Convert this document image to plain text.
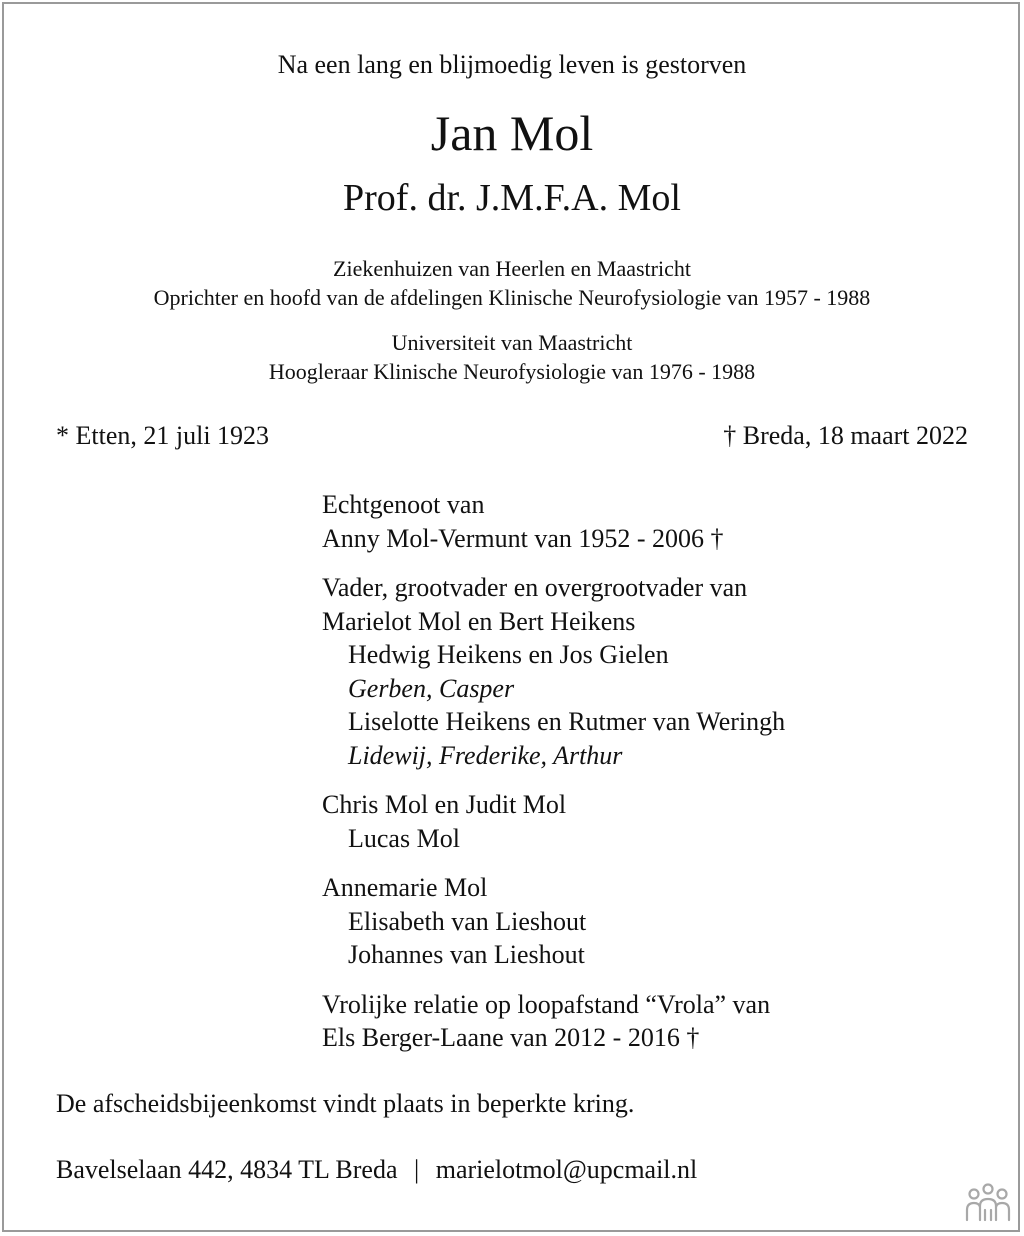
Na een lang en blijmoedig leven is gestorven
Jan Mol
Prof. dr. J.M.F.A. Mol
Ziekenhuizen van Heerlen en Maastricht
Oprichter en hoofd van de afdelingen Klinische Neurofysiologie van 1957 - 1988
Universiteit van Maastricht
Hoogleraar Klinische Neurofysiologie van 1976 - 1988
* Etten, 21 juli 1923	† Breda, 18 maart 2022
Echtgenoot van
Anny Mol-Vermunt van 1952 - 2006 †
Vader, grootvader en overgrootvader van
Marielot Mol en Bert Heikens
Hedwig Heikens en Jos Gielen
Gerben, Casper
Liselotte Heikens en Rutmer van Weringh
Lidewij, Frederike, Arthur
Chris Mol en Judit Mol
Lucas Mol
Annemarie Mol
Elisabeth van Lieshout
Johannes van Lieshout
Vrolijke relatie op loopafstand “Vrola” van
Els Berger-Laane van 2012 - 2016 †
De afscheidsbijeenkomst vindt plaats in beperkte kring.
Bavelselaan 442, 4834 TL Breda | marielotmol@upcmail.nl
